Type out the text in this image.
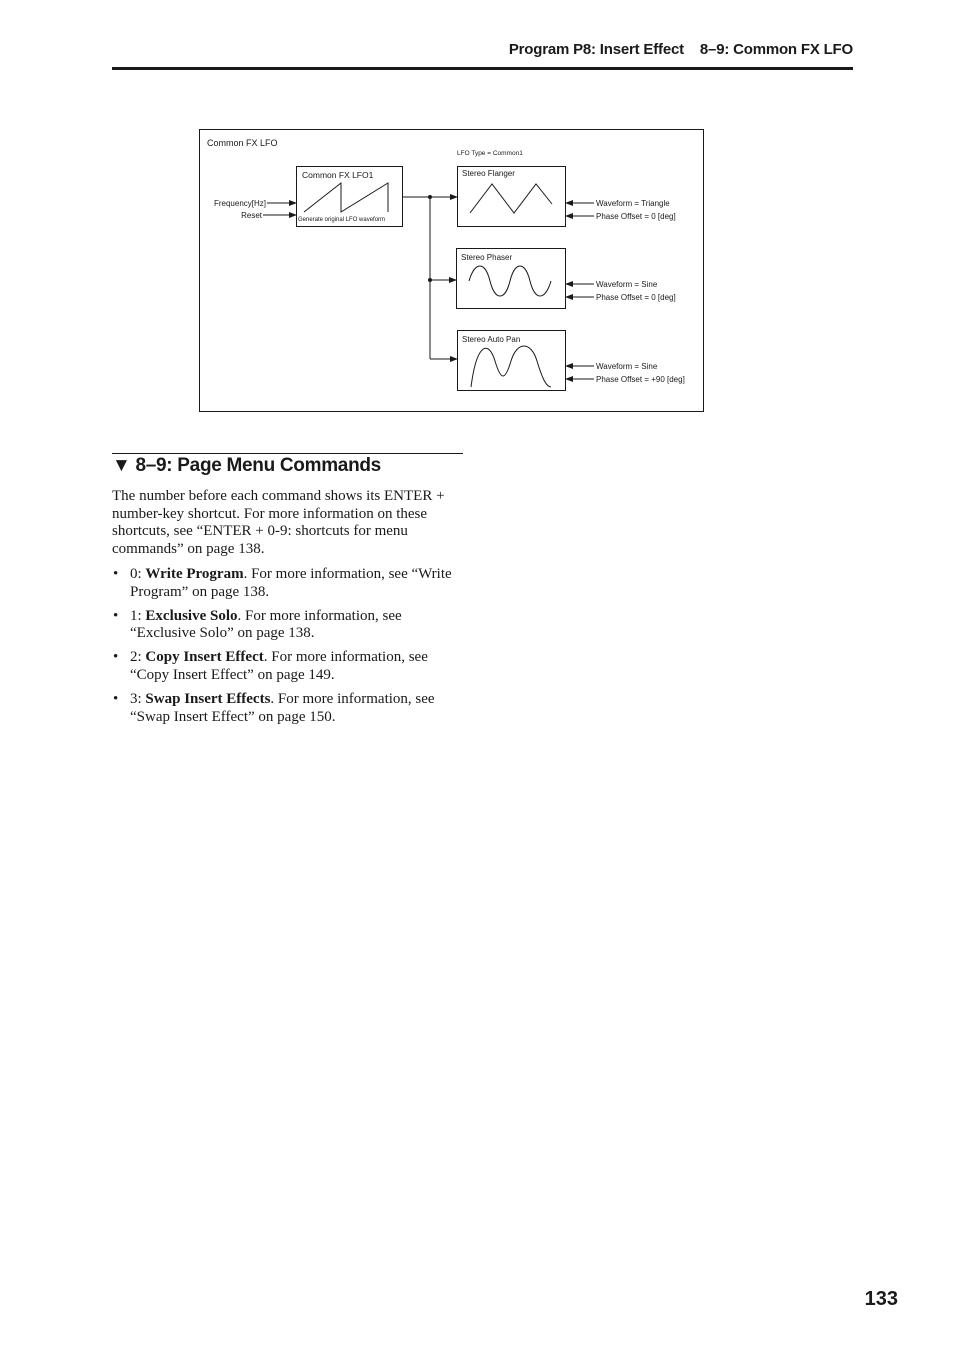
Program P8: Insert Effect 8–9: Common FX LFO
Common FX LFO
LFO Type = Common1
Common FX LFO1
Generate original LFO waveform
Frequency[Hz]
Reset
Stereo Flanger
Waveform = Triangle
Phase Offset = 0 [deg]
Stereo Phaser
Waveform = Sine
Phase Offset = 0 [deg]
Stereo Auto Pan
Waveform = Sine
Phase Offset = +90 [deg]
▼ 8–9: Page Menu Commands

The number before each command shows its ENTER + number-key shortcut. For more information on these shortcuts, see “ENTER + 0-9: shortcuts for menu commands” on page 138.

• 0: Write Program. For more information, see “Write Program” on page 138.
• 1: Exclusive Solo. For more information, see “Exclusive Solo” on page 138.
• 2: Copy Insert Effect. For more information, see “Copy Insert Effect” on page 149.
• 3: Swap Insert Effects. For more information, see “Swap Insert Effect” on page 150.
133
